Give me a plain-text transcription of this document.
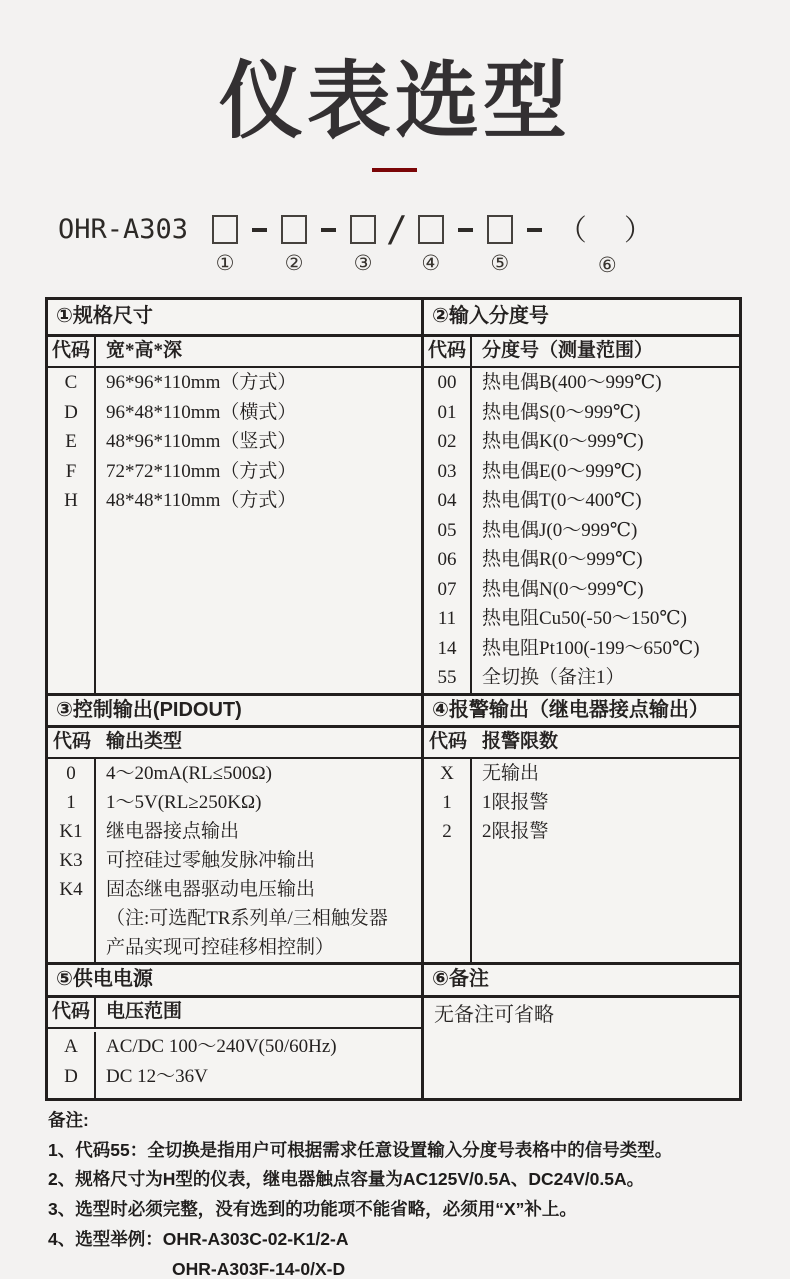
仪表选型
OHR-A303
① ② ③
/
④ ⑤
（ ）
⑥
①规格尺寸
代码 宽*高*深
C
D
E
F
H
96*96*110mm（方式）
96*48*110mm（横式）
48*96*110mm（竖式）
72*72*110mm（方式）
48*48*110mm（方式）
②输入分度号
代码 分度号（测量范围）
00
01
02
03
04
05
06
07
11
14
55
热电偶B(400～999℃)
热电偶S(0～999℃)
热电偶K(0～999℃)
热电偶E(0～999℃)
热电偶T(0～400℃)
热电偶J(0～999℃)
热电偶R(0～999℃)
热电偶N(0～999℃)
热电阻Cu50(-50～150℃)
热电阻Pt100(-199～650℃)
全切换（备注1）
③控制输出(PIDOUT)
代码 输出类型
0
1
K1
K3
K4
4～20mA(RL≤500Ω)
1～5V(RL≥250KΩ)
继电器接点输出
可控硅过零触发脉冲输出
固态继电器驱动电压输出
（注:可选配TR系列单/三相触发器
产品实现可控硅移相控制）
④报警输出（继电器接点输出）
代码 报警限数
X
1
2
无输出
1限报警
2限报警
⑤供电电源
代码 电压范围
A
D
AC/DC 100～240V(50/60Hz)
DC 12～36V
⑥备注
无备注可省略
备注:
1、代码55：全切换是指用户可根据需求任意设置输入分度号表格中的信号类型。
2、规格尺寸为H型的仪表，继电器触点容量为AC125V/0.5A、DC24V/0.5A。
3、选型时必须完整，没有选到的功能项不能省略，必须用“X”补上。
4、选型举例：OHR-A303C-02-K1/2-A
OHR-A303F-14-0/X-D
